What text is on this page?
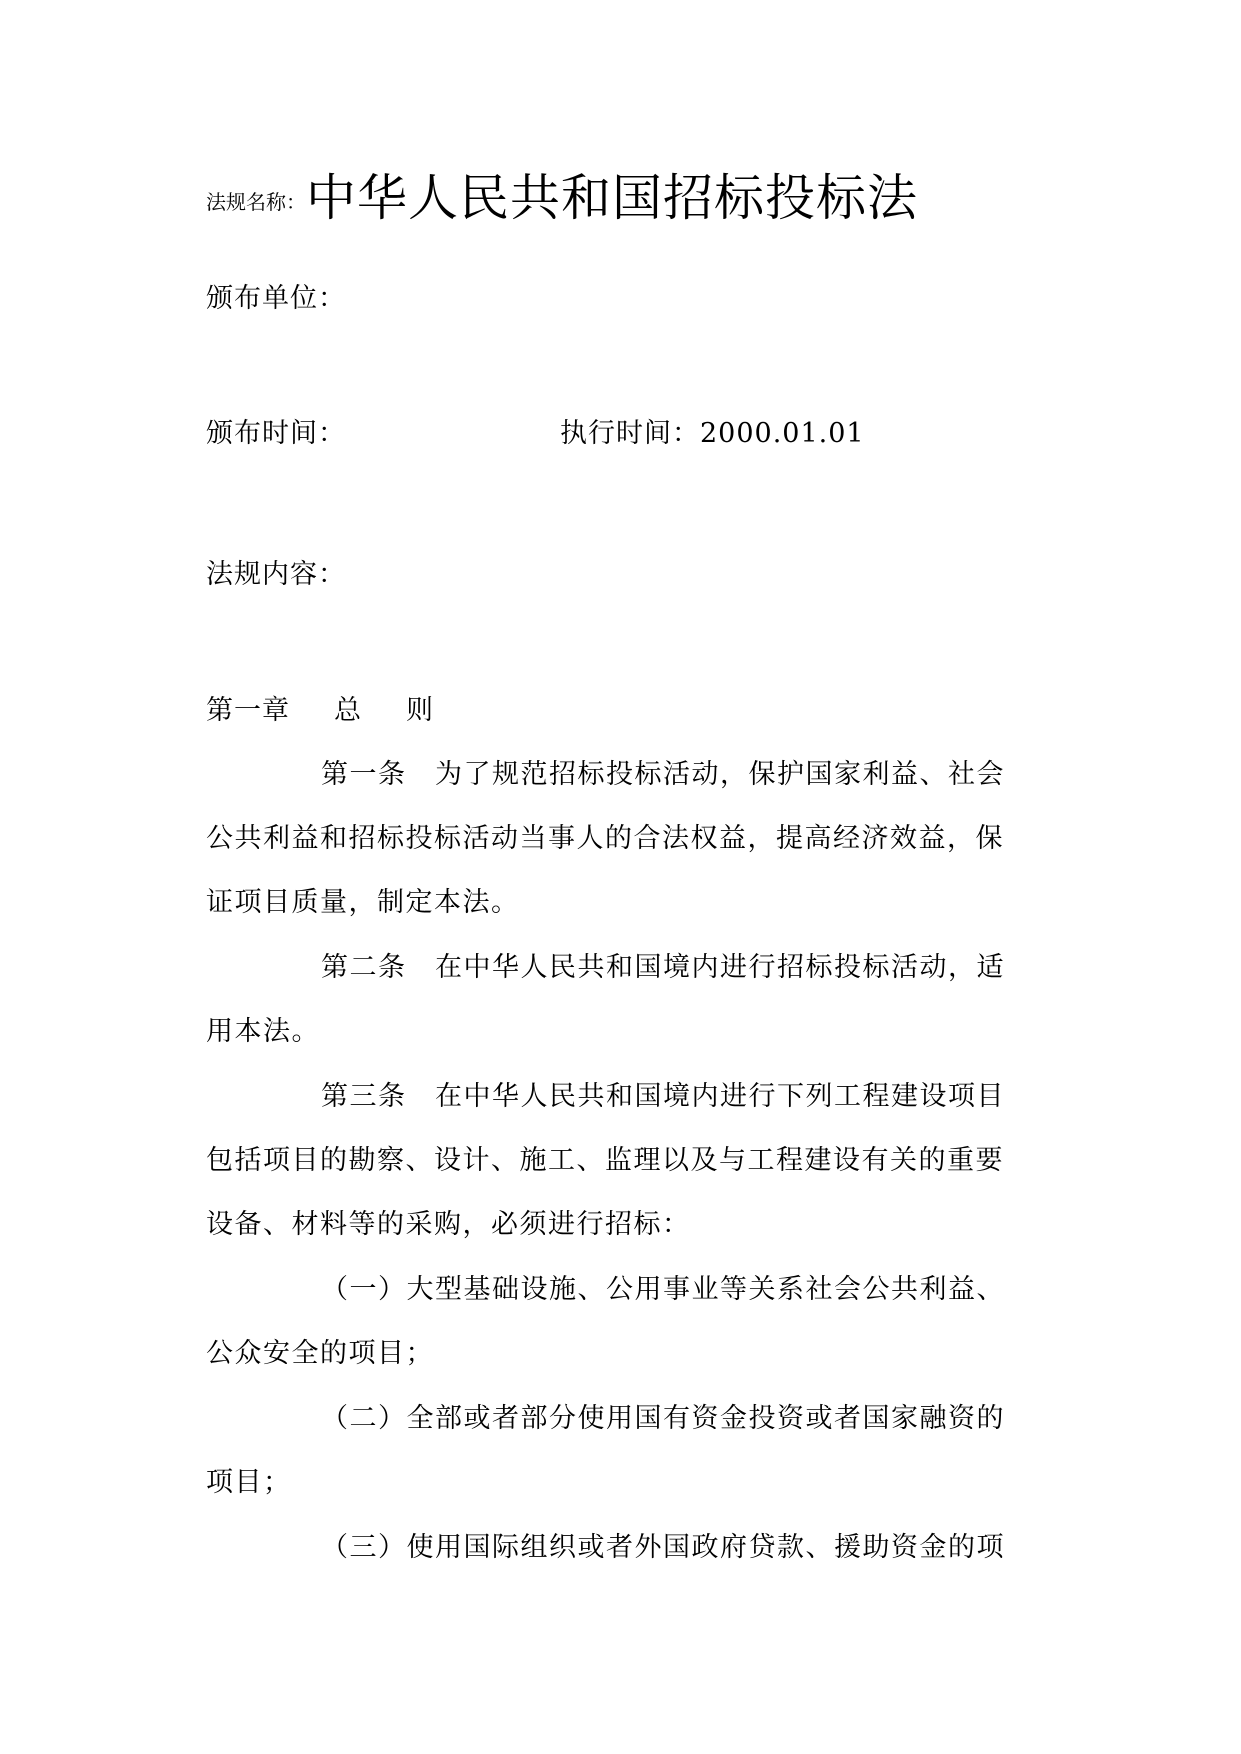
法规名称：中华人民共和国招标投标法
颁布单位：
颁布时间：	执行时间：2000.01.01
法规内容：
第一章 总 则
第一条　为了规范招标投标活动，保护国家利益、社会
公共利益和招标投标活动当事人的合法权益，提高经济效益，保
证项目质量，制定本法。
第二条　在中华人民共和国境内进行招标投标活动，适
用本法。
第三条　在中华人民共和国境内进行下列工程建设项目
包括项目的勘察、设计、施工、监理以及与工程建设有关的重要
设备、材料等的采购，必须进行招标：
（一）大型基础设施、公用事业等关系社会公共利益、
公众安全的项目；
（二）全部或者部分使用国有资金投资或者国家融资的
项目；
（三）使用国际组织或者外国政府贷款、援助资金的项
